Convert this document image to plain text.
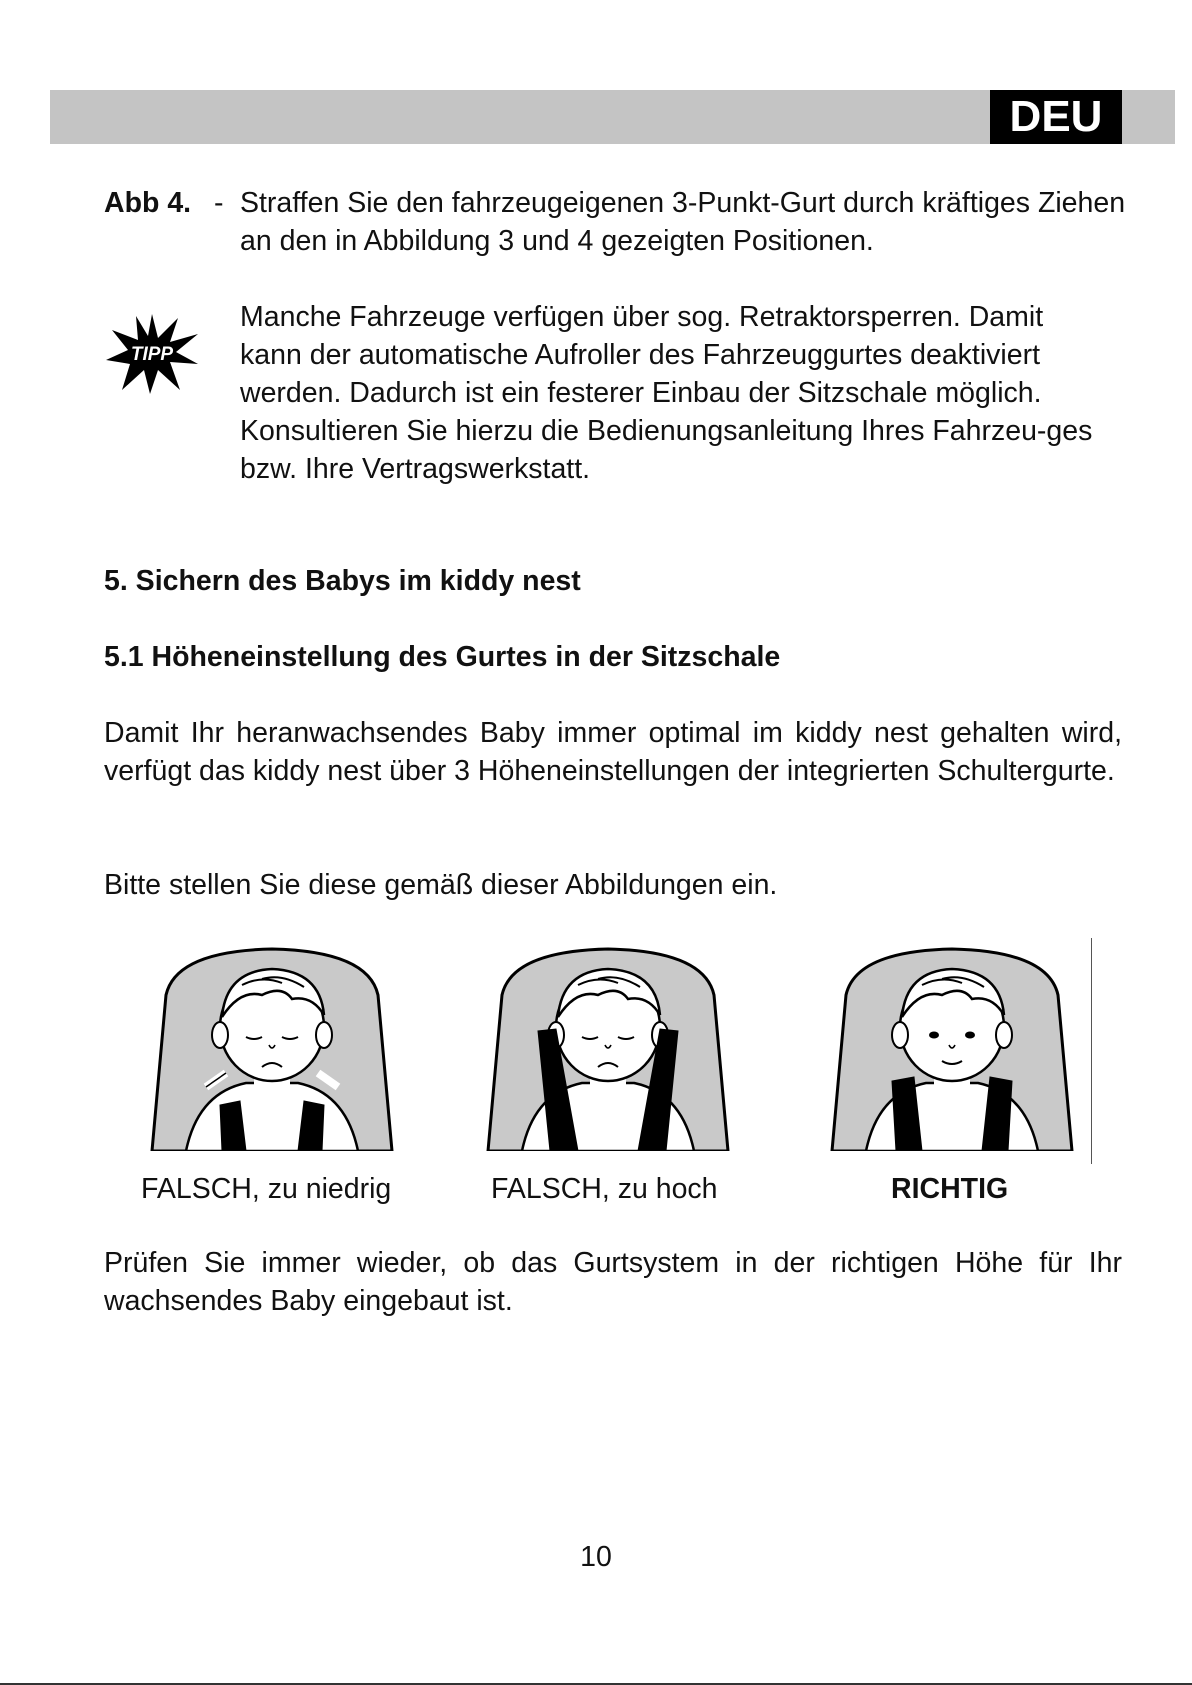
DEU
Abb 4. - Straffen Sie den fahrzeugeigenen 3-Punkt-Gurt durch kräftiges Ziehen an den in Abbildung 3 und 4 gezeigten Positionen.
TIPP
Manche Fahrzeuge verfügen über sog. Retraktorsperren. Damit kann der automatische Aufroller des Fahrzeuggurtes deaktiviert werden. Dadurch ist ein festerer Einbau der Sitzschale möglich. Konsultieren Sie hierzu die Bedienungsanleitung Ihres Fahrzeu-ges bzw. Ihre Vertragswerkstatt.
5. Sichern des Babys im kiddy nest
5.1 Höheneinstellung des Gurtes in der Sitzschale
Damit Ihr heranwachsendes Baby immer optimal im kiddy nest gehalten wird, verfügt das kiddy nest über 3 Höheneinstellungen der integrierten Schultergurte.
Bitte stellen Sie diese gemäß dieser Abbildungen ein.
FALSCH, zu niedrig	FALSCH, zu hoch	RICHTIG
Prüfen Sie immer wieder, ob das Gurtsystem in der richtigen Höhe für Ihr wachsendes Baby eingebaut ist.
10
